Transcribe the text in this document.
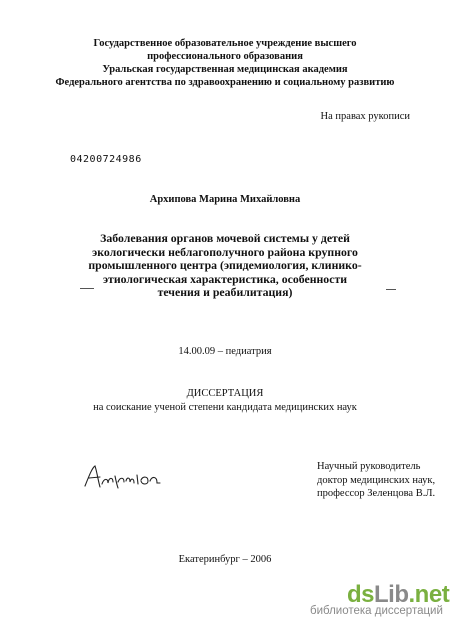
Государственное образовательное учреждение высшего
профессионального образования
Уральская государственная медицинская академия
Федерального агентства по здравоохранению и социальному развитию
На правах рукописи
04200724986
Архипова Марина Михайловна
Заболевания органов мочевой системы у детей
экологически неблагополучного района крупного
промышленного центра (эпидемиология, клинико-
этиологическая характеристика, особенности
течения и реабилитация)
14.00.09 – педиатрия
ДИССЕРТАЦИЯ
на соискание ученой степени кандидата медицинских наук
Научный руководитель
доктор медицинских наук,
профессор Зеленцова В.Л.
Екатеринбург – 2006
dsLib.net
библиотека диссертаций
